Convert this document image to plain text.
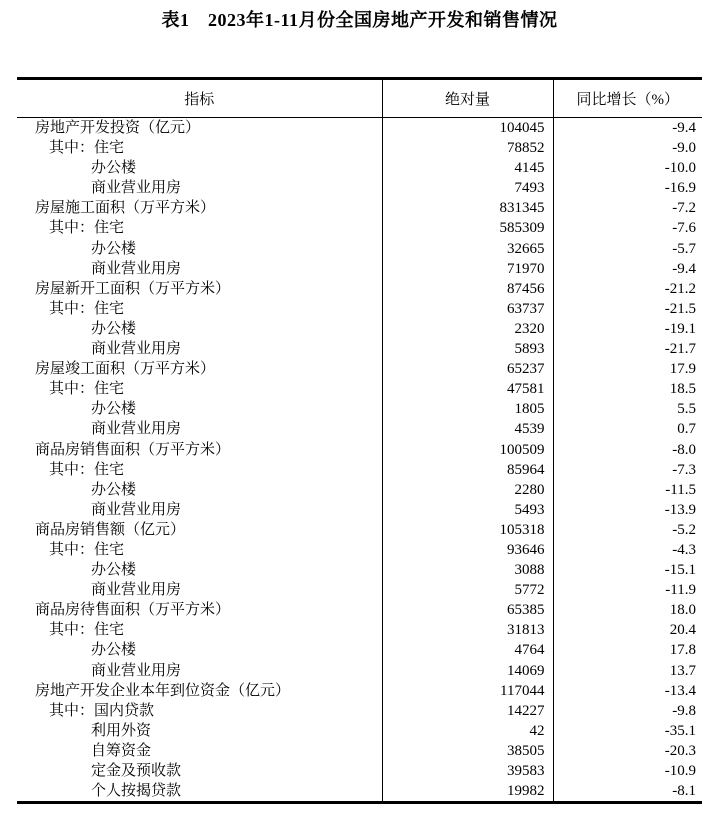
表1　2023年1-11月份全国房地产开发和销售情况
指标	绝对量	同比增长（%）
房地产开发投资（亿元）	104045	-9.4
其中：住宅	78852	-9.0
办公楼	4145	-10.0
商业营业用房	7493	-16.9
房屋施工面积（万平方米）	831345	-7.2
其中：住宅	585309	-7.6
办公楼	32665	-5.7
商业营业用房	71970	-9.4
房屋新开工面积（万平方米）	87456	-21.2
其中：住宅	63737	-21.5
办公楼	2320	-19.1
商业营业用房	5893	-21.7
房屋竣工面积（万平方米）	65237	17.9
其中：住宅	47581	18.5
办公楼	1805	5.5
商业营业用房	4539	0.7
商品房销售面积（万平方米）	100509	-8.0
其中：住宅	85964	-7.3
办公楼	2280	-11.5
商业营业用房	5493	-13.9
商品房销售额（亿元）	105318	-5.2
其中：住宅	93646	-4.3
办公楼	3088	-15.1
商业营业用房	5772	-11.9
商品房待售面积（万平方米）	65385	18.0
其中：住宅	31813	20.4
办公楼	4764	17.8
商业营业用房	14069	13.7
房地产开发企业本年到位资金（亿元）	117044	-13.4
其中：国内贷款	14227	-9.8
利用外资	42	-35.1
自筹资金	38505	-20.3
定金及预收款	39583	-10.9
个人按揭贷款	19982	-8.1
